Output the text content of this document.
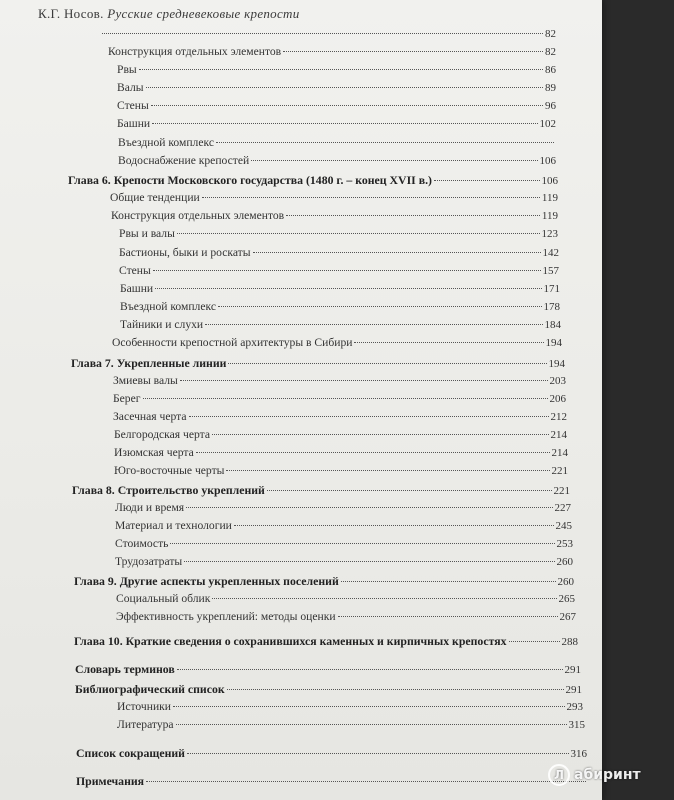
К.Г. Носов. Русские средневековые крепости
82
Конструкция отдельных элементов	82
Рвы	86
Валы	89
Стены	96
Башни	102
Въездной комплекс
Водоснабжение крепостей	106
Глава 6. Крепости Московского государства (1480 г. – конец XVII в.)	106
Общие тенденции	119
Конструкция отдельных элементов	119
Рвы и валы	123
Бастионы, быки и роскаты	142
Стены	157
Башни	171
Въездной комплекс	178
Тайники и слухи	184
Особенности крепостной архитектуры в Сибири	194
Глава 7. Укрепленные линии	194
Змиевы валы	203
Берег	206
Засечная черта	212
Белгородская черта	214
Изюмская черта	214
Юго-восточные черты	221
Глава 8. Строительство укреплений	221
Люди и время	227
Материал и технологии	245
Стоимость	253
Трудозатраты	260
Глава 9. Другие аспекты укрепленных поселений	260
Социальный облик	265
Эффективность укреплений: методы оценки	267
Глава 10. Краткие сведения о сохранившихся каменных и кирпичных крепостях	288
Словарь терминов	291
Библиографический список	291
Источники	293
Литература	315
Список сокращений	316
Примечания	Л абиринт
